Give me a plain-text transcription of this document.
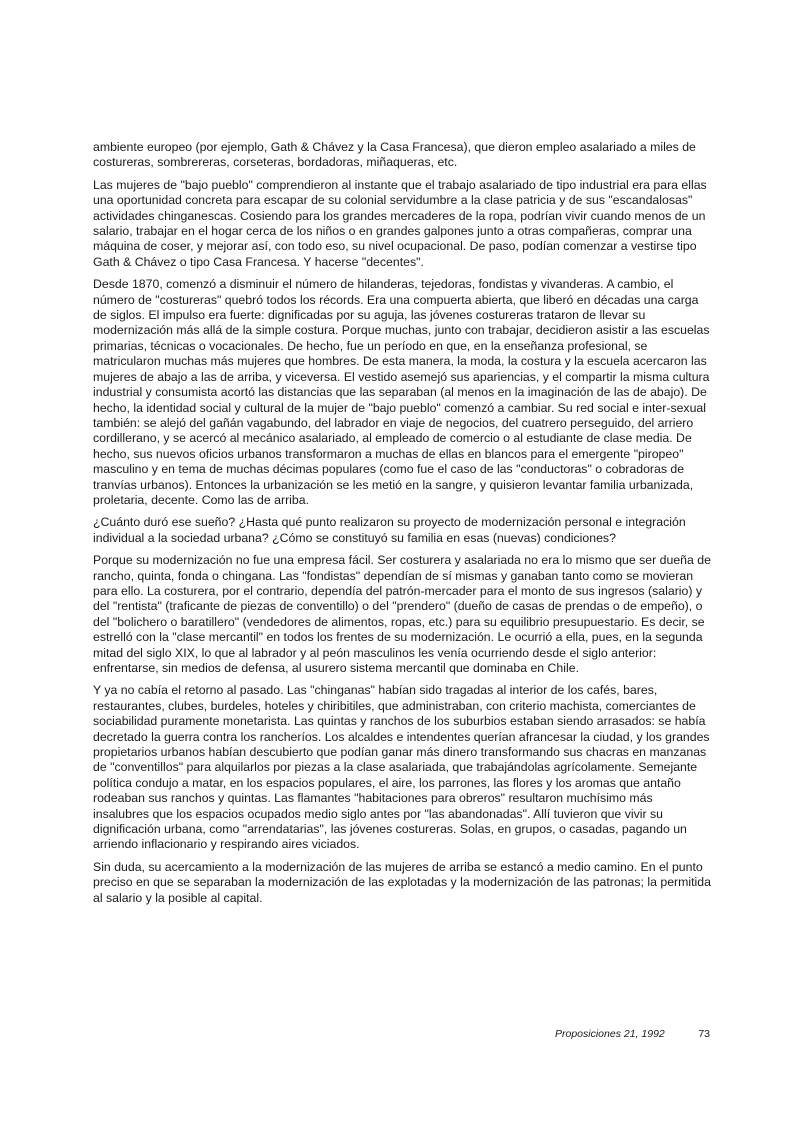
ambiente europeo (por ejemplo, Gath & Chávez y la Casa Francesa), que dieron empleo asalariado a miles de costureras, sombrereras, corseteras, bordadoras, miñaqueras, etc.

Las mujeres de "bajo pueblo" comprendieron al instante que el trabajo asalariado de tipo industrial era para ellas una oportunidad concreta para escapar de su colonial servidumbre a la clase patricia y de sus "escandalosas" actividades chinganescas. Cosiendo para los grandes mercaderes de la ropa, podrían vivir cuando menos de un salario, trabajar en el hogar cerca de los niños o en grandes galpones junto a otras compañeras, comprar una máquina de coser, y mejorar así, con todo eso, su nivel ocupacional. De paso, podían comenzar a vestirse tipo Gath & Chávez o tipo Casa Francesa. Y hacerse "decentes".

Desde 1870, comenzó a disminuir el número de hilanderas, tejedoras, fondistas y vivanderas. A cambio, el número de "costureras" quebró todos los récords. Era una compuerta abierta, que liberó en décadas una carga de siglos. El impulso era fuerte: dignificadas por su aguja, las jóvenes costureras trataron de llevar su modernización más allá de la simple costura. Porque muchas, junto con trabajar, decidieron asistir a las escuelas primarias, técnicas o vocacionales. De hecho, fue un período en que, en la enseñanza profesional, se matricularon muchas más mujeres que hombres. De esta manera, la moda, la costura y la escuela acercaron las mujeres de abajo a las de arriba, y viceversa. El vestido asemejó sus apariencias, y el compartir la misma cultura industrial y consumista acortó las distancias que las separaban (al menos en la imaginación de las de abajo). De hecho, la identidad social y cultural de la mujer de "bajo pueblo" comenzó a cambiar. Su red social e inter-sexual también: se alejó del gañán vagabundo, del labrador en viaje de negocios, del cuatrero perseguido, del arriero cordillerano, y se acercó al mecánico asalariado, al empleado de comercio o al estudiante de clase media. De hecho, sus nuevos oficios urbanos transformaron a muchas de ellas en blancos para el emergente "piropeo" masculino y en tema de muchas décimas populares (como fue el caso de las "conductoras" o cobradoras de tranvías urbanos). Entonces la urbanización se les metió en la sangre, y quisieron levantar familia urbanizada, proletaria, decente. Como las de arriba.

¿Cuánto duró ese sueño? ¿Hasta qué punto realizaron su proyecto de modernización personal e integración individual a la sociedad urbana? ¿Cómo se constituyó su familia en esas (nuevas) condiciones?

Porque su modernización no fue una empresa fácil. Ser costurera y asalariada no era lo mismo que ser dueña de rancho, quinta, fonda o chingana. Las "fondistas" dependían de sí mismas y ganaban tanto como se movieran para ello. La costurera, por el contrario, dependía del patrón-mercader para el monto de sus ingresos (salario) y del "rentista" (traficante de piezas de conventillo) o del "prendero" (dueño de casas de prendas o de empeño), o del "bolichero o baratillero" (vendedores de alimentos, ropas, etc.) para su equilibrio presupuestario. Es decir, se estrelló con la "clase mercantil" en todos los frentes de su modernización. Le ocurrió a ella, pues, en la segunda mitad del siglo XIX, lo que al labrador y al peón masculinos les venía ocurriendo desde el siglo anterior: enfrentarse, sin medios de defensa, al usurero sistema mercantil que dominaba en Chile.

Y ya no cabía el retorno al pasado. Las "chinganas" habían sido tragadas al interior de los cafés, bares, restaurantes, clubes, burdeles, hoteles y chiribitiles, que administraban, con criterio machista, comerciantes de sociabilidad puramente monetarista. Las quintas y ranchos de los suburbios estaban siendo arrasados: se había decretado la guerra contra los rancheríos. Los alcaldes e intendentes querían afrancesar la ciudad, y los grandes propietarios urbanos habían descubierto que podían ganar más dinero transformando sus chacras en manzanas de "conventillos" para alquilarlos por piezas a la clase asalariada, que trabajándolas agrícolamente. Semejante política condujo a matar, en los espacios populares, el aire, los parrones, las flores y los aromas que antaño rodeaban sus ranchos y quintas. Las flamantes "habitaciones para obreros" resultaron muchísimo más insalubres que los espacios ocupados medio siglo antes por "las abandonadas". Allí tuvieron que vivir su dignificación urbana, como "arrendatarias", las jóvenes costureras. Solas, en grupos, o casadas, pagando un arriendo inflacionario y respirando aires viciados.

Sin duda, su acercamiento a la modernización de las mujeres de arriba se estancó a medio camino. En el punto preciso en que se separaban la modernización de las explotadas y la modernización de las patronas; la permitida al salario y la posible al capital.

Proposiciones 21, 1992	73
